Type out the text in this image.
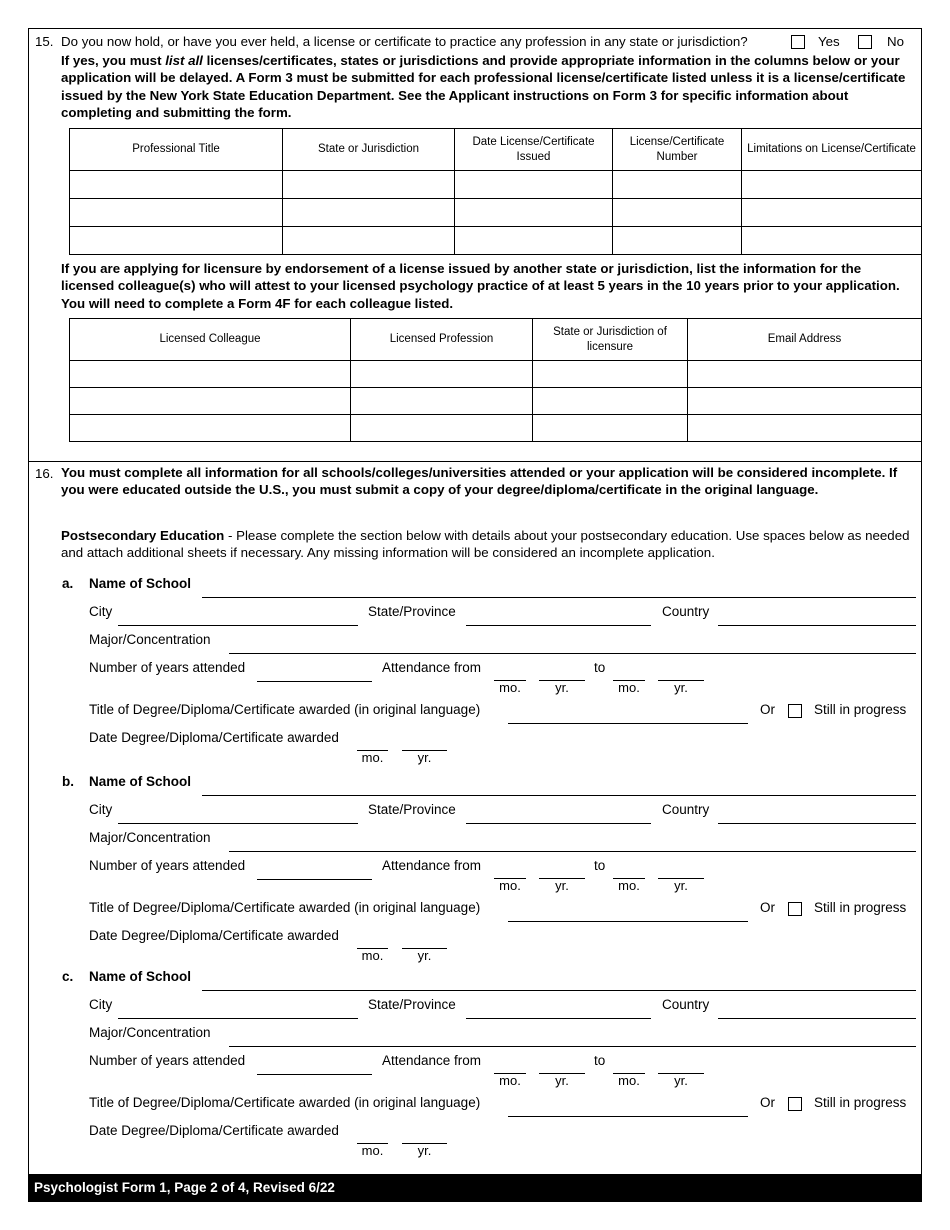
15. Do you now hold, or have you ever held, a license or certificate to practice any profession in any state or jurisdiction?	Yes	No
If yes, you must list all licenses/certificates, states or jurisdictions and provide appropriate information in the columns below or your application will be delayed. A Form 3 must be submitted for each professional license/certificate listed unless it is a license/certificate issued by the New York State Education Department. See the Applicant instructions on Form 3 for specific information about completing and submitting the form.
Professional Title	State or Jurisdiction	Date License/Certificate Issued	License/Certificate Number	Limitations on License/Certificate

If you are applying for licensure by endorsement of a license issued by another state or jurisdiction, list the information for the licensed colleague(s) who will attest to your licensed psychology practice of at least 5 years in the 10 years prior to your application. You will need to complete a Form 4F for each colleague listed.
Licensed Colleague	Licensed Profession	State or Jurisdiction of licensure	Email Address

16. You must complete all information for all schools/colleges/universities attended or your application will be considered incomplete. If you were educated outside the U.S., you must submit a copy of your degree/diploma/certificate in the original language.
Postsecondary Education - Please complete the section below with details about your postsecondary education. Use spaces below as needed and attach additional sheets if necessary. Any missing information will be considered an incomplete application.
a. Name of School
City	State/Province	Country
Major/Concentration
Number of years attended	Attendance from	to
mo.	yr.	mo.	yr.
Title of Degree/Diploma/Certificate awarded (in original language)	Or	Still in progress
Date Degree/Diploma/Certificate awarded
mo.	yr.
b. Name of School
City	State/Province	Country
Major/Concentration
Number of years attended	Attendance from	to
mo.	yr.	mo.	yr.
Title of Degree/Diploma/Certificate awarded (in original language)	Or	Still in progress
Date Degree/Diploma/Certificate awarded
mo.	yr.
c. Name of School
City	State/Province	Country
Major/Concentration
Number of years attended	Attendance from	to
mo.	yr.	mo.	yr.
Title of Degree/Diploma/Certificate awarded (in original language)	Or	Still in progress
Date Degree/Diploma/Certificate awarded
mo.	yr.
Psychologist Form 1, Page 2 of 4, Revised 6/22
